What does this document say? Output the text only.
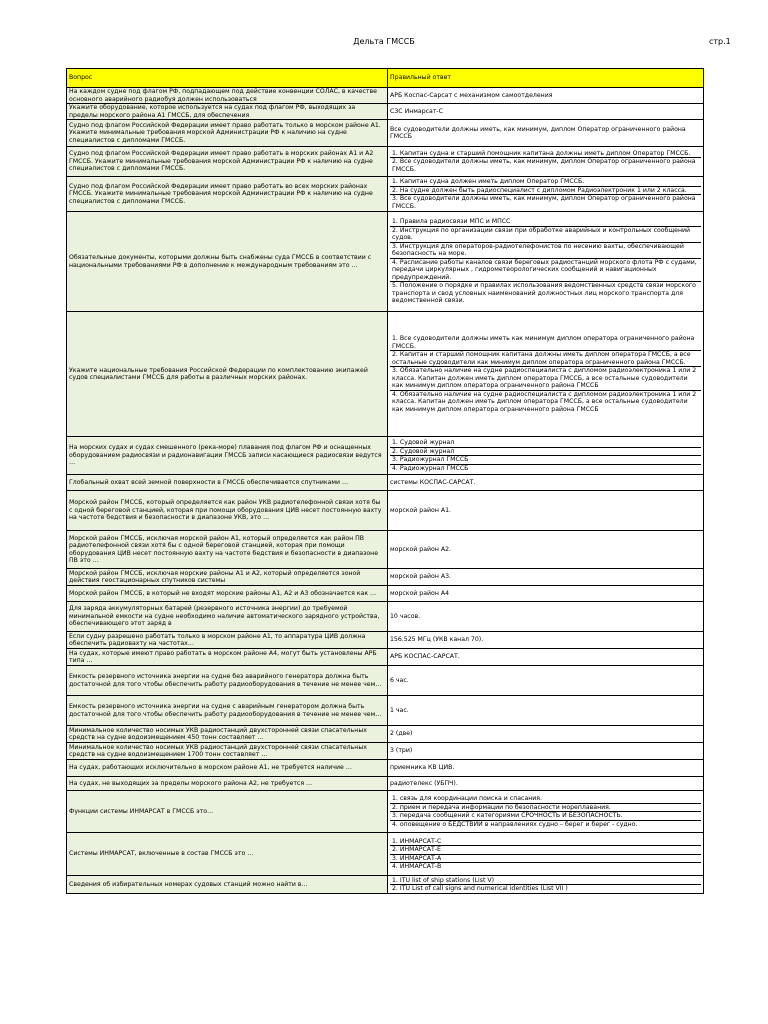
Дельта ГМССБ	стр.1
Вопрос	Правильный ответ
На каждом судне под флагом РФ, подпадающем под действие конвенции СОЛАС, в качестве основного аварийного радиобуя должен использоваться	АРБ Коспас-Сарсат с механизмом самоотделения
Укажите оборудование, которое используется на судах под флагом РФ, выходящих за пределы морского района А1 ГМССБ, для обеспечения	СЗС Инмарсат-С
Судно под флагом Российской Федерации имеет право работать только в морском районе А1. Укажите минимальные требования морской Администрации РФ к наличию на судне специалистов с дипломами ГМССБ.	Все судоводители должны иметь, как минимум, диплом Оператор ограниченного района ГМССБ
Судно под флагом Российской Федерации имеет право работать в морских районах А1 и А2 ГМССБ. Укажите минимальные требования морской Администрации РФ к наличию на судне специалистов с дипломами ГМССБ.	1. Капитан судна и старший помощник капитана должны иметь диплом Оператор ГМССБ.
2. Все судоводители должны иметь, как минимум, диплом Оператор ограниченного района ГМССБ.

Судно под флагом Российской Федерации имеет право работать во всех морских районах ГМССБ. Укажите минимальные требования морской Администрации РФ к наличию на судне специалистов с дипломами ГМССБ.	1. Капитан судна должен иметь диплом Оператор ГМССБ.
2. На судне должен быть радиоспециалист с дипломом Радиоэлектроник 1 или 2 класса.
3. Все судоводители должны иметь, как минимум, диплом Оператор ограниченного района ГМССБ.

Обязательные документы, которыми должны быть снабжены суда ГМССБ в соответствии с национальными требованиями РФ в дополнение к международным требованиям это …	1. Правила радиосвязи МПС и МПСС
2. Инструкция по организации связи при обработке аварийных и контрольных сообщений судов.
3. Инструкция для операторов-радиотелефонистов по несению вахты, обеспечивающей безопасность на море.
4. Расписание работы каналов связи береговых радиостанций морского флота РФ с судами, передачи циркулярных , гидрометеорологических сообщений и навигационных предупреждений.
5. Положение о порядке и правилах использования ведомственных средств связи морского транспорта и свод условных наименований должностных лиц морского транспорта для ведомственной связи.

Укажите национальные требования Российской Федерации по комплектованию экипажей судов специалистами ГМССБ для работы в различных морских районах.	1. Все судоводители должны иметь как минимум диплом оператора ограниченного района ГМССБ.
2. Капитан и старший помощник капитана должны иметь диплом оператора ГМССБ, а все остальные судоводители как минимум диплом оператора ограниченного района ГМССБ.
3. Обязательно наличие на судне радиоспециалиста с дипломом радиоэлектроника 1 или 2 класса. Капитан должен иметь диплом оператора ГМССБ, а все остальные судоводители как минимум диплом оператора ограниченного района ГМССБ
4. Обязательно наличие на судне радиоспециалиста с дипломом радиоэлектроника 1 или 2 класса. Капитан должен иметь диплом оператора ГМССБ, а все остальные судоводители как минимум диплом оператора ограниченного района ГМССБ

На морских судах и судах смешенного (река-море) плавания под флагом РФ и оснащенных оборудованием радиосвязи и радионавигации ГМССБ записи касающиеся радиосвязи ведутся …	1. Судовой журнал
2. Судовой журнал
3. Радиожурнал ГМССБ
4. Радиожурнал ГМССБ

Глобальный охват всей земной поверхности в ГМССБ обеспечивается спутниками …	системы КОСПАС-САРСАТ.
Морской район ГМССБ, который определяется как район УКВ радиотелефонной связи хотя бы с одной береговой станцией, которая при помощи оборудования ЦИВ несет постоянную вахту на частоте бедствия и безопасности в диапазоне УКВ, это …	морской район А1.
Морской район ГМССБ, исключая морской район А1, который определяется как район ПВ радиотелефонной связи хотя бы с одной береговой станцией, которая при помощи оборудования ЦИВ несет постоянную вахту на частоте бедствия и безопасности в диапазоне ПВ это …	морской район А2.
Морской район ГМССБ, исключая морские районы А1 и А2, который определяется зоной действия геостационарных спутников системы	морской район А3.
Морской район ГМССБ, в который не входят морские районы А1, А2 и А3 обозначается как …	морской район А4
Для заряда аккумуляторных батарей (резервного источника энергии) до требуемой минимальной емкости на судне необходимо наличие автоматического зарядного устройства, обеспечивающего этот заряд в	10 часов.
Если судну разрешено работать только в морском районе А1, то аппаратура ЦИВ должна обеспечить радиовахту на частотах…	156.525 МГц (УКВ канал 70).
На судах, которые имеют право работать в морском районе А4, могут быть установлены АРБ типа …	АРБ КОСПАС-САРСАТ.
Емкость резервного источника энергии на судне без аварийного генератора должна быть достаточной для того чтобы обеспечить работу радиооборудования в течение не менее чем…	6 час.
Емкость резервного источника энергии на судне с аварийным генератором должна быть достаточной для того чтобы обеспечить работу радиооборудования в течение не менее чем…	1 час.
Минимальное количество носимых УКВ радиостанций двухсторонней связи спасательных средств на судне водоизмещением 450 тонн составляет …	2 (две)
Минимальное количество носимых УКВ радиостанций двухсторонней связи спасательных средств на судне водоизмещением 1700 тонн составляет …	3 (три)
На судах, работающих исключительно в морском районе А1, не требуется наличие …	приемника КВ ЦИВ.
На судах, не выходящих за пределы морского района А2, не требуется …	радиотелекс (УБПЧ).
Функции системы ИНМАРСАТ в ГМССБ это…	1. связь для координации поиска и спасания.
2. прием и передача информации по безопасности мореплавания.
3. передача сообщений с категориями СРОЧНОСТЬ И БЕЗОПАСНОСТЬ.
4. оповещение о БЕДСТВИИ в направлениях судно – берег и берег - судно.

Системы ИНМАРСАТ, включенные в состав ГМССБ это …	1. ИНМАРСАТ-С
2. ИНМАРСАТ-Е
3. ИНМАРСАТ-А
4. ИНМАРСАТ-В

Сведения об избирательных номерах судовых станций можно найти в…	1. ITU list of ship stations (List V)
2. ITU List of call signs and numerical identities (List VII )
